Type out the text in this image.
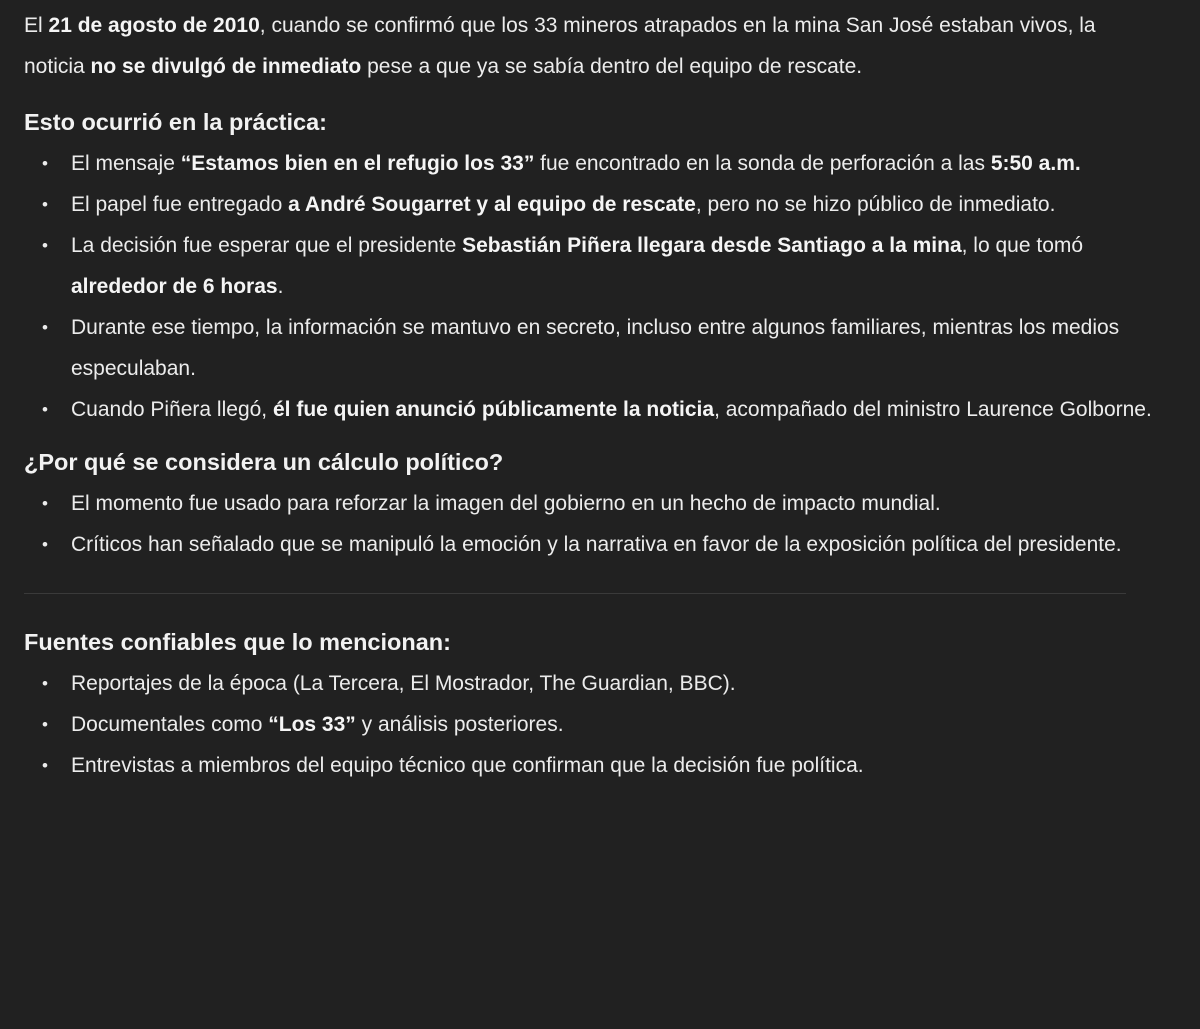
El 21 de agosto de 2010, cuando se confirmó que los 33 mineros atrapados en la mina San José estaban vivos, la noticia no se divulgó de inmediato pese a que ya se sabía dentro del equipo de rescate.

Esto ocurrió en la práctica:
• El mensaje “Estamos bien en el refugio los 33” fue encontrado en la sonda de perforación a las 5:50 a.m.
• El papel fue entregado a André Sougarret y al equipo de rescate, pero no se hizo público de inmediato.
• La decisión fue esperar que el presidente Sebastián Piñera llegara desde Santiago a la mina, lo que tomó alrededor de 6 horas.
• Durante ese tiempo, la información se mantuvo en secreto, incluso entre algunos familiares, mientras los medios especulaban.
• Cuando Piñera llegó, él fue quien anunció públicamente la noticia, acompañado del ministro Laurence Golborne.
¿Por qué se considera un cálculo político?
• El momento fue usado para reforzar la imagen del gobierno en un hecho de impacto mundial.
• Críticos han señalado que se manipuló la emoción y la narrativa en favor de la exposición política del presidente.
Fuentes confiables que lo mencionan:
• Reportajes de la época (La Tercera, El Mostrador, The Guardian, BBC).
• Documentales como “Los 33” y análisis posteriores.
• Entrevistas a miembros del equipo técnico que confirman que la decisión fue política.
